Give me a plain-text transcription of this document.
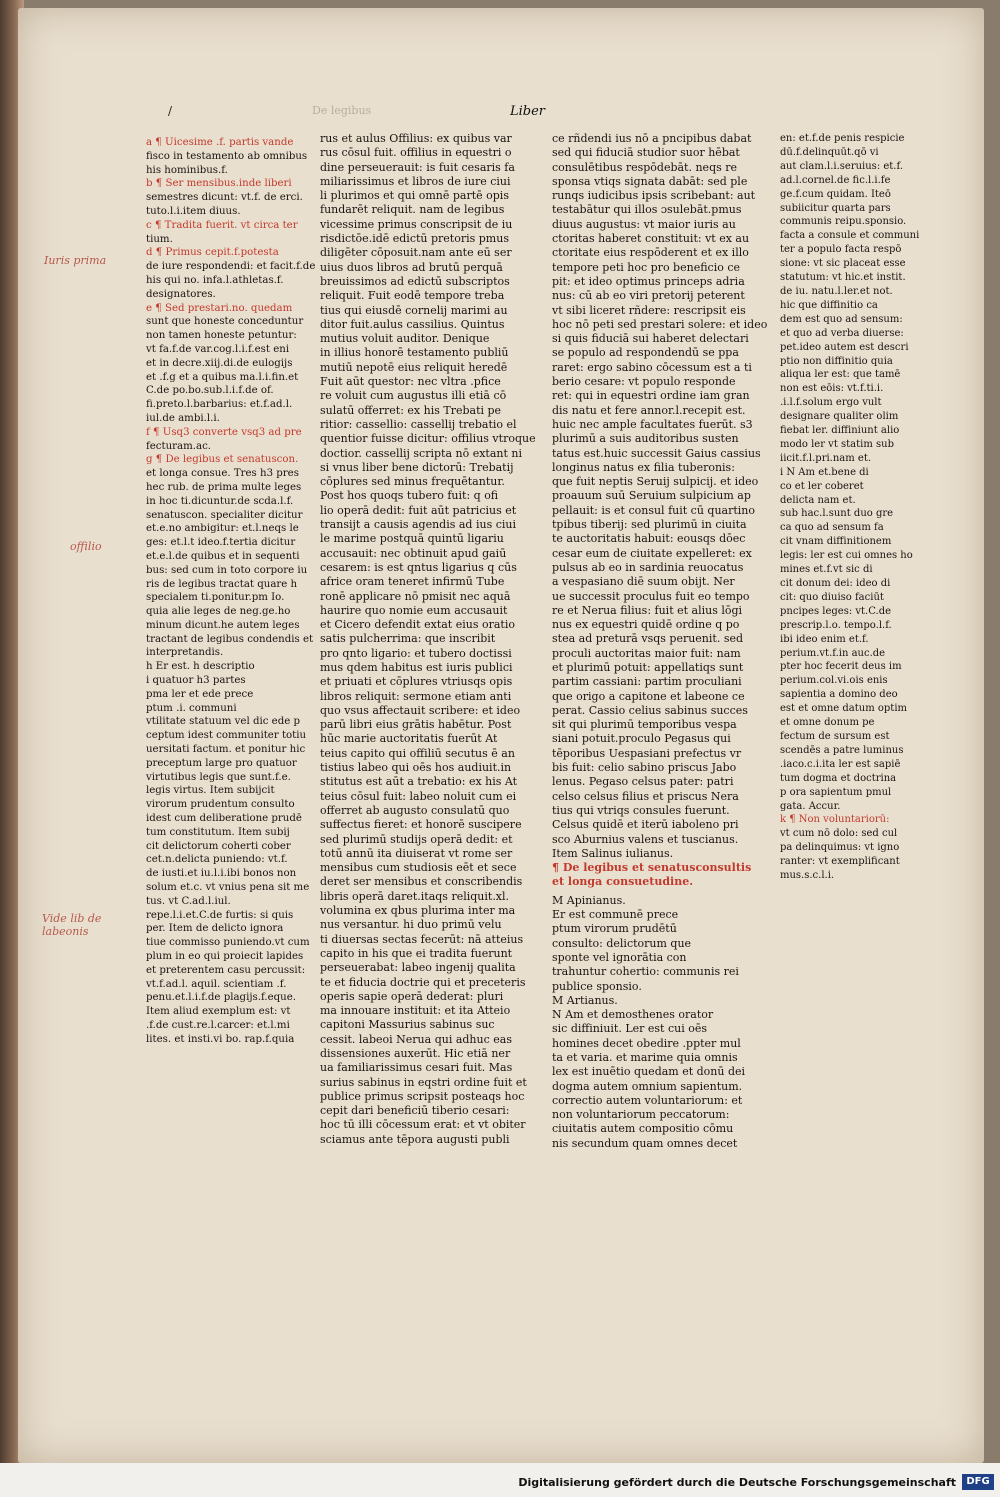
/	De legibus	Liber
Iuris prima
offilio
Vide lib de labeonis

a ¶ Uicesime .f. partis vande

fisco in testamento ab omnibus

his hominibus.f.

b ¶ Ser mensibus.inde liberi

semestres dicunt: vt.f. de erci.

tuto.l.i.item diuus.

c ¶ Tradita fuerit. vt circa ter

tium.

d ¶ Primus cepit.f.potesta

de iure respondendi: et facit.f.de

his qui no. infa.l.athletas.f.

designatores.

e ¶ Sed prestari.no. quedam

sunt que honeste conceduntur

non tamen honeste petuntur:

vt fa.f.de var.cog.l.i.f.est eni

et in decre.xiij.di.de eulogijs

et .f.g et a quibus ma.l.i.fin.et

C.de po.bo.sub.l.i.f.de of.

fi.preto.l.barbarius: et.f.ad.l.

iul.de ambi.l.i.

f ¶ Usq3 converte vsq3 ad pre

fecturam.ac.

g ¶ De legibus et senatuscon.

et longa consue. Tres h3 pres

hec rub. de prima multe leges

in hoc ti.dicuntur.de scda.l.f.

senatuscon. specialiter dicitur

et.e.no ambigitur: et.l.neqs le

ges: et.l.t ideo.f.tertia dicitur

et.e.l.de quibus et in sequenti

bus: sed cum in toto corpore iu

ris de legibus tractat quare h

specialem ti.ponitur.pm Io.

quia alie leges de neg.ge.ho

minum dicunt.he autem leges

tractant de legibus condendis et

interpretandis.

h Er est. h descriptio

i quatuor h3 partes

pma ler et ede prece

ptum .i. communi

vtilitate statuum vel dic ede p

ceptum idest communiter totiu

uersitati factum. et ponitur hic

preceptum large pro quatuor

virtutibus legis que sunt.f.e.

legis virtus. Item subijcit

virorum prudentum consulto

idest cum deliberatione prudē

tum constitutum. Item subij

cit delictorum coherti cober

cet.n.delicta puniendo: vt.f.

de iusti.et iu.l.i.ibi bonos non

solum et.c. vt vnius pena sit me

tus. vt C.ad.l.iul.

repe.l.i.et.C.de furtis: si quis

per. Item de delicto ignora

tiue commisso puniendo.vt cum

plum in eo qui proiecit lapides

et preterentem casu percussit:

vt.f.ad.l. aquil. scientiam .f.

penu.et.l.i.f.de plagijs.f.eque.

Item aliud exemplum est: vt

.f.de cust.re.l.carcer: et.l.mi

lites. et insti.vi bo. rap.f.quia

rus et aulus Offilius: ex quibus var

rus cōsul fuit. offilius in equestri o

dine perseuerauit: is fuit cesaris fa

miliarissimus et libros de iure ciui

li plurimos et qui omnē partē opis

fundarēt reliquit. nam de legibus

vicessime primus conscripsit de iu

risdictōe.idē edictū pretoris pmus

diligēter cōposuit.nam ante eū ser

uius duos libros ad brutū perquā

breuissimos ad edictū subscriptos

reliquit. Fuit eodē tempore treba

tius qui eiusdē cornelij marimi au

ditor fuit.aulus cassilius. Quintus

mutius voluit auditor. Denique

in illius honorē testamento publiū

mutiū nepotē eius reliquit heredē

Fuit aūt questor: nec vltra .pfice

re voluit cum augustus illi etiā cō

sulatū offerret: ex his Trebati pe

ritior: cassellio: cassellij trebatio el

quentior fuisse dicitur: offilius vtroque

doctior. cassellij scripta nō extant ni

si vnus liber bene dictorū: Trebatij

cōplures sed minus frequētantur.

Post hos quoqs tubero fuit: q ofi

lio operā dedit: fuit aūt patricius et

transijt a causis agendis ad ius ciui

le marime postquā quintū ligariu

accusauit: nec obtinuit apud gaiū

cesarem: is est qntus ligarius q cūs

africe oram teneret infirmū Tube

ronē applicare nō pmisit nec aquā

haurire quo nomie eum accusauit

et Cicero defendit extat eius oratio

satis pulcherrima: que inscribit

pro qnto ligario: et tubero doctissi

mus qdem habitus est iuris publici

et priuati et cōplures vtriusqs opis

libros reliquit: sermone etiam anti

quo vsus affectauit scribere: et ideo

parū libri eius grātis habētur. Post

hūc marie auctoritatis fuerūt At

teius capito qui offiliū secutus ē an

tistius labeo qui oēs hos audiuit.in

stitutus est aūt a trebatio: ex his At

teius cōsul fuit: labeo noluit cum ei

offerret ab augusto consulatū quo

suffectus fieret: et honorē suscipere

sed plurimū studijs operā dedit: et

totū annū ita diuiserat vt rome ser

mensibus cum studiosis eēt et sece

deret ser mensibus et conscribendis

libris operā daret.itaqs reliquit.xl.

volumina ex qbus plurima inter ma

nus versantur. hi duo primū velu

ti diuersas sectas fecerūt: nā atteius

capito in his que ei tradita fuerunt

perseuerabat: labeo ingenij qualita

te et fiducia doctrie qui et preceteris

operis sapie operā dederat: pluri

ma innouare instituit: et ita Atteio

capitoni Massurius sabinus suc

cessit. labeoi Nerua qui adhuc eas

dissensiones auxerūt. Hic etiā ner

ua familiarissimus cesari fuit. Mas

surius sabinus in eqstri ordine fuit et

publice primus scripsit posteaqs hoc

cepit dari beneficiū tiberio cesari:

hoc tū illi cōcessum erat: et vt obiter

sciamus ante tēpora augusti publi

ce rñdendi ius nō a pncipibus dabat

sed qui fiduciā studior suor hēbat

consulētibus respōdebāt. neqs re

sponsa vtiqs signata dabāt: sed ple

runqs iudicibus ipsis scribebant: aut

testabātur qui illos ɔsulebāt.pmus

diuus augustus: vt maior iuris au

ctoritas haberet constituit: vt ex au

ctoritate eius respōderent et ex illo

tempore peti hoc pro beneficio ce

pit: et ideo optimus princeps adria

nus: cū ab eo viri pretorij peterent

vt sibi liceret rñdere: rescripsit eis

hoc nō peti sed prestari solere: et ideo

si quis fiduciā sui haberet delectari

se populo ad respondendū se ppa

raret: ergo sabino cōcessum est a ti

berio cesare: vt populo responde

ret: qui in equestri ordine iam gran

dis natu et fere annor.l.recepit est.

huic nec ample facultates fuerūt. s3

plurimū a suis auditoribus susten

tatus est.huic successit Gaius cassius

longinus natus ex filia tuberonis:

que fuit neptis Seruij sulpicij. et ideo

proauum suū Seruium sulpicium ap

pellauit: is et consul fuit cū quartino

tpibus tiberij: sed plurimū in ciuita

te auctoritatis habuit: eousqs dōec

cesar eum de ciuitate expelleret: ex

pulsus ab eo in sardinia reuocatus

a vespasiano diē suum obijt. Ner

ue successit proculus fuit eo tempo

re et Nerua filius: fuit et alius lōgi

nus ex equestri quidē ordine q po

stea ad preturā vsqs peruenit. sed

proculi auctoritas maior fuit: nam

et plurimū potuit: appellatiqs sunt

partim cassiani: partim proculiani

que origo a capitone et labeone ce

perat. Cassio celius sabinus succes

sit qui plurimū temporibus vespa

siani potuit.proculo Pegasus qui

tēporibus Uespasiani prefectus vr

bis fuit: celio sabino priscus Jabo

lenus. Pegaso celsus pater: patri

celso celsus filius et priscus Nera

tius qui vtriqs consules fuerunt.

Celsus quidē et iterū iaboleno pri

sco Aburnius valens et tuscianus.

Item Salinus iulianus.

¶ De legibus et senatusconsultis

et longa consuetudine.

M Apinianus.

Er est communē prece

ptum virorum prudētū

consulto: delictorum que

sponte vel ignorātia con

trahuntur cohertio: communis rei

publice sponsio.

M Artianus.

N Am et demosthenes orator

sic diffiniuit. Ler est cui oēs

homines decet obedire .ppter mul

ta et varia. et marime quia omnis

lex est inuētio quedam et donū dei

dogma autem omnium sapientum.

correctio autem voluntariorum: et

non voluntariorum peccatorum:

ciuitatis autem compositio cōmu

nis secundum quam omnes decet

en: et.f.de penis respicie

dū.f.delinquūt.qō vi

aut clam.l.i.seruius: et.f.

ad.l.cornel.de fic.l.i.fe

ge.f.cum quidam. Iteō

subiicitur quarta pars

communis reipu.sponsio.

facta a consule et communi

ter a populo facta respō

sione: vt sic placeat esse

statutum: vt hic.et instit.

de iu. natu.l.ler.et not.

hic que diffinitio ca

dem est quo ad sensum:

et quo ad verba diuerse:

pet.ideo autem est descri

ptio non diffinitio quia

aliqua ler est: que tamē

non est eōis: vt.f.ti.i.

.i.l.f.solum ergo vult

designare qualiter olim

fiebat ler. diffiniunt alio

modo ler vt statim sub

iicit.f.l.pri.nam et.

i N Am et.bene di

co et ler coberet

delicta nam et.

sub hac.l.sunt duo gre

ca quo ad sensum fa

cit vnam diffinitionem

legis: ler est cui omnes ho

mines et.f.vt sic di

cit donum dei: ideo di

cit: quo diuiso faciūt

pncipes leges: vt.C.de

prescrip.l.o. tempo.l.f.

ibi ideo enim et.f.

perium.vt.f.in auc.de

pter hoc fecerit deus im

perium.col.vi.ois enis

sapientia a domino deo

est et omne datum optim

et omne donum pe

fectum de sursum est

scendēs a patre luminus

.iaco.c.i.ita ler est sapiē

tum dogma et doctrina

p ora sapientum pmul

gata. Accur.

k ¶ Non voluntariorū:

vt cum nō dolo: sed cul

pa delinquimus: vt igno

ranter: vt exemplificant

mus.s.c.l.i.

Digitalisierung gefördert durch die Deutsche Forschungsgemeinschaft	DFG
